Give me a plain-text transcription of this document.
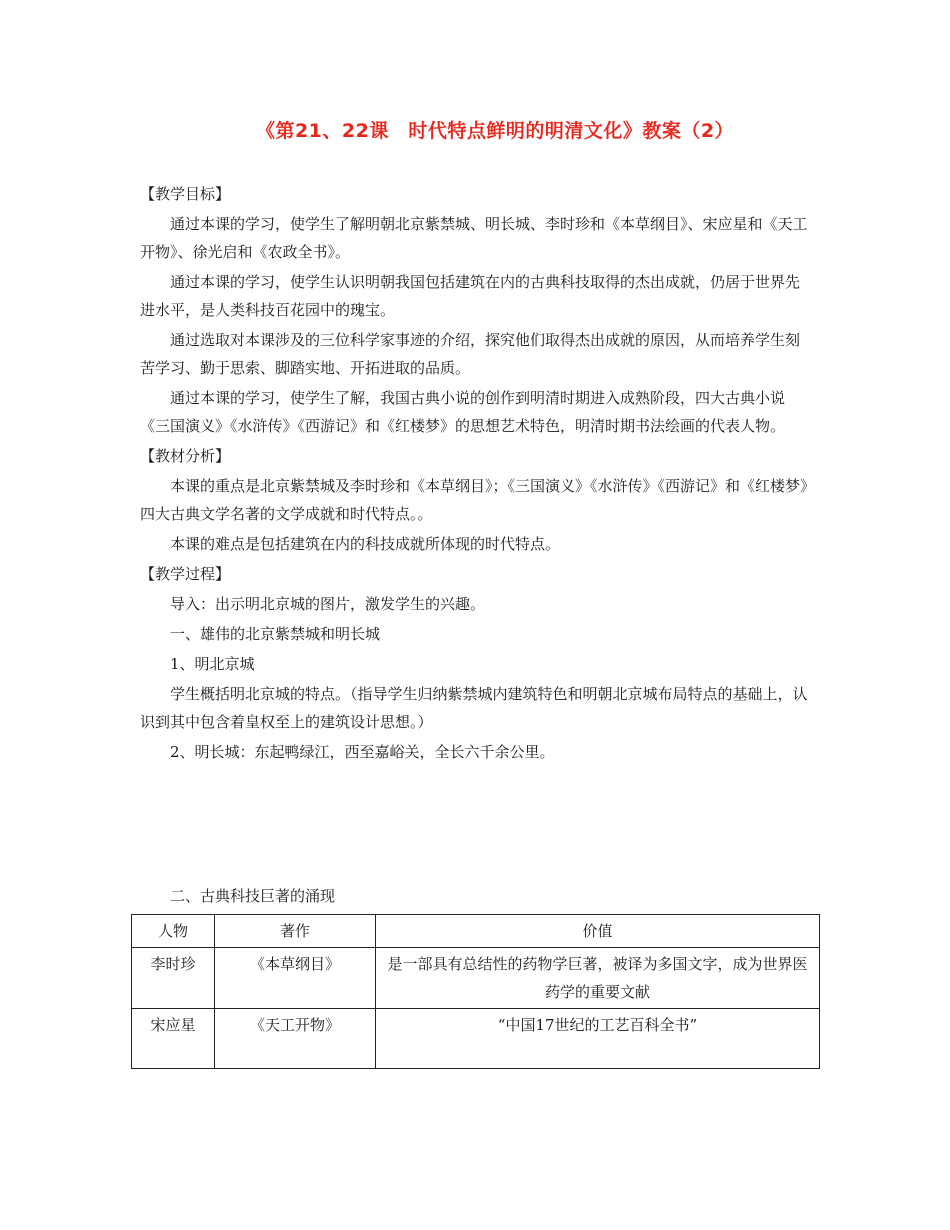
《第21、22课　时代特点鲜明的明清文化》教案（2）

【教学目标】

通过本课的学习，使学生了解明朝北京紫禁城、明长城、李时珍和《本草纲目》、宋应星和《天工开物》、徐光启和《农政全书》。

通过本课的学习，使学生认识明朝我国包括建筑在内的古典科技取得的杰出成就，仍居于世界先进水平，是人类科技百花园中的瑰宝。

通过选取对本课涉及的三位科学家事迹的介绍，探究他们取得杰出成就的原因，从而培养学生刻苦学习、勤于思索、脚踏实地、开拓进取的品质。

通过本课的学习，使学生了解，我国古典小说的创作到明清时期进入成熟阶段，四大古典小说《三国演义》《水浒传》《西游记》和《红楼梦》的思想艺术特色，明清时期书法绘画的代表人物。

【教材分析】

本课的重点是北京紫禁城及李时珍和《本草纲目》；《三国演义》《水浒传》《西游记》和《红楼梦》四大古典文学名著的文学成就和时代特点。。

本课的难点是包括建筑在内的科技成就所体现的时代特点。

【教学过程】

导入：出示明北京城的图片，激发学生的兴趣。

一、雄伟的北京紫禁城和明长城

1、明北京城

学生概括明北京城的特点。（指导学生归纳紫禁城内建筑特色和明朝北京城布局特点的基础上，认识到其中包含着皇权至上的建筑设计思想。）

2、明长城：东起鸭绿江，西至嘉峪关，全长六千余公里。

二、古典科技巨著的涌现
人物	著作	价值
李时珍	《本草纲目》	是一部具有总结性的药物学巨著，被译为多国文字，成为世界医药学的重要文献
宋应星	《天工开物》	“中国17世纪的工艺百科全书”
